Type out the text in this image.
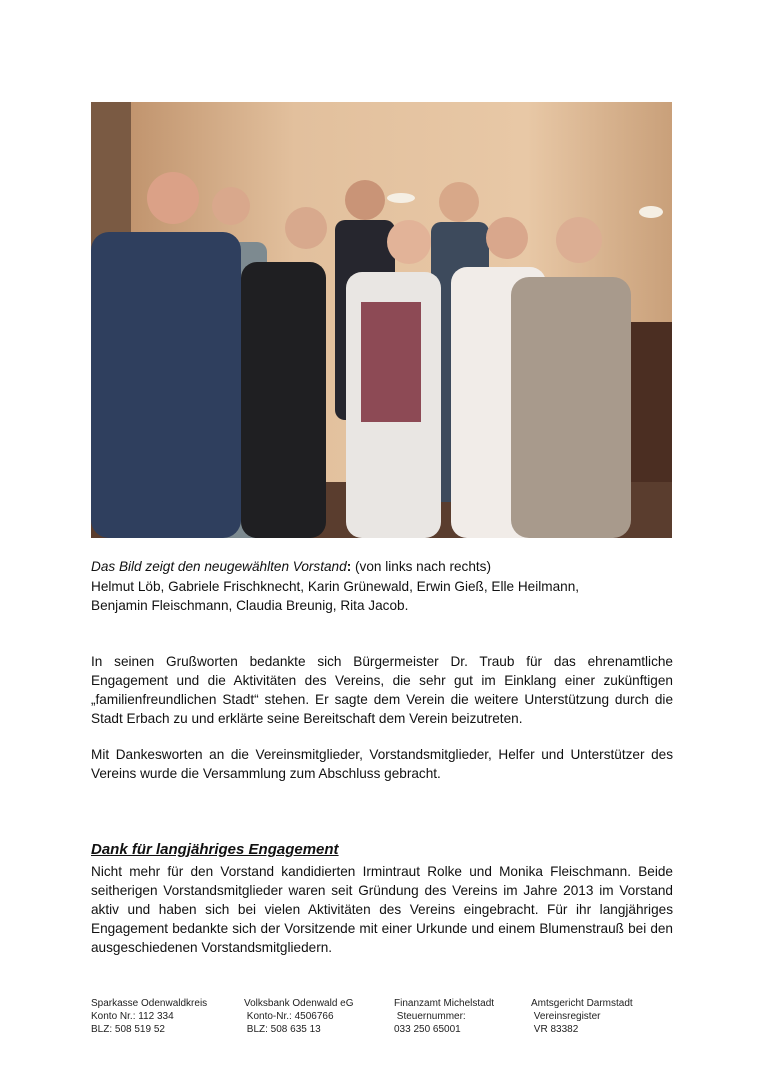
Das Bild zeigt den neugewählten Vorstand: (von links nach rechts)
Helmut Löb, Gabriele Frischknecht, Karin Grünewald, Erwin Gieß, Elle Heilmann,
Benjamin Fleischmann, Claudia Breunig, Rita Jacob.
In seinen Grußworten bedankte sich Bürgermeister Dr. Traub für das ehrenamtliche Engagement und die Aktivitäten des Vereins, die sehr gut im Einklang einer zukünftigen „familienfreundlichen Stadt“ stehen. Er sagte dem Verein die weitere Unterstützung durch die Stadt Erbach zu und erklärte seine Bereitschaft dem Verein beizutreten.
Mit Dankesworten an die Vereinsmitglieder, Vorstandsmitglieder, Helfer und Unterstützer des Vereins wurde die Versammlung zum Abschluss gebracht.
Dank für langjähriges Engagement
Nicht mehr für den Vorstand kandidierten Irmintraut Rolke und Monika Fleischmann. Beide seitherigen Vorstandsmitglieder waren seit Gründung des Vereins im Jahre 2013 im Vorstand aktiv und haben sich bei vielen Aktivitäten des Vereins eingebracht. Für ihr langjähriges Engagement bedankte sich der Vorsitzende mit einer Urkunde und einem Blumenstrauß bei den ausgeschiedenen Vorstandsmitgliedern.
Sparkasse Odenwaldkreis
Konto Nr.: 112 334
BLZ: 508 519 52
Volksbank Odenwald eG
Konto-Nr.: 4506766
BLZ: 508 635 13
Finanzamt Michelstadt
Steuernummer:
033 250 65001
Amtsgericht Darmstadt
Vereinsregister
VR 83382
